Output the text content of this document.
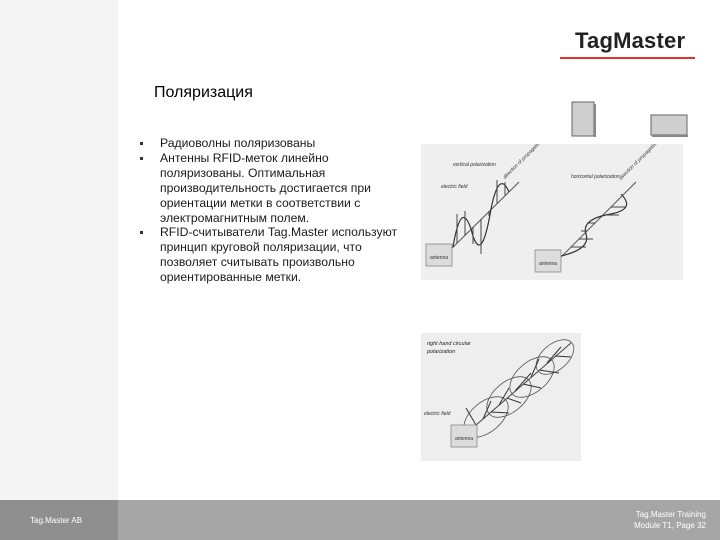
TagMaster
Поляризация
Радиоволны поляризованы
Антенны RFID-меток линейно поляризованы. Оптимальная производительность достигается при ориентации метки в соответствии с электромагнитным полем.
RFID-считыватели Tag.Master используют принцип круговой поляризации, что позволяет считывать произвольно ориентированные метки.
antenna
vertical polarization
electric field
direction of propagation
antenna
horizontal polarization
direction of propagation
right hand circular
polarization
antenna
electric field
Tag.Master AB
Tag.Master Training
Module T1, Page 32
